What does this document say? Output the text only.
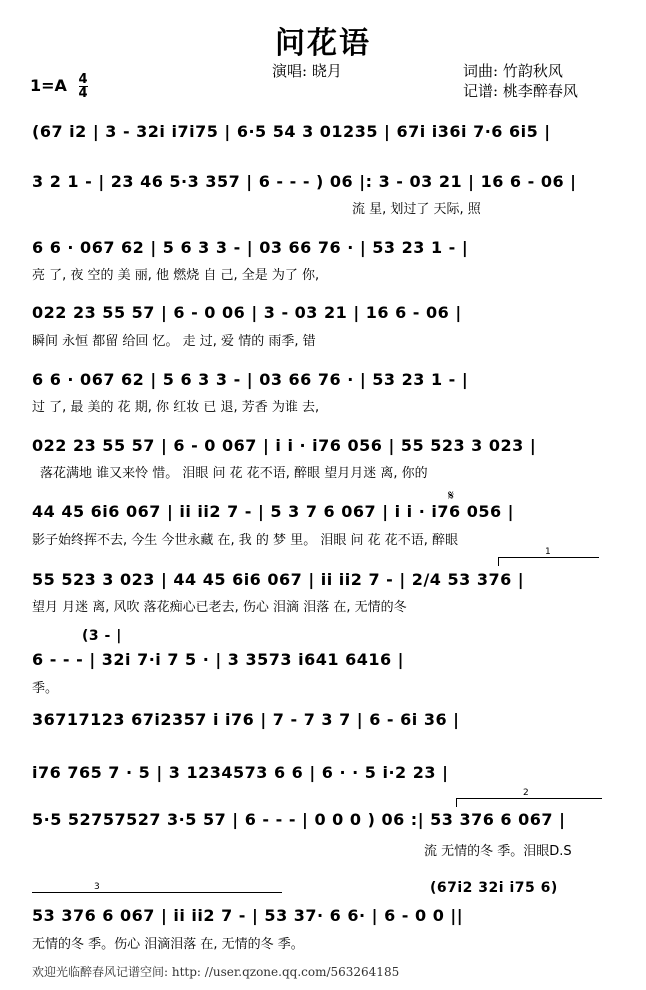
问花语
演唱: 晓月	词曲: 竹韵秋风
记谱: 桃李醉春风
$1=A \frac{4}{4}$
(67 i2 | 3 - 32i i7i75 | 6·5 54 3 01235 | 67i i36i 7·6 6i5 |
3 2 1 - | 23 46 5·3 357 | 6 - - - ) 06 |: 3 - 03 21 | 16 6 - 06 |
流 星, 划过了 天际, 照
6 6 · 067 62 | 5 6 3 3 - | 03 66 76 · | 53 23 1 - |
亮 了, 夜 空的 美 丽, 他 燃烧 自 己, 全是 为了 你,
022 23 55 57 | 6 - 0 06 | 3 - 03 21 | 16 6 - 06 |
瞬间 永恒 都留 给回 忆。 走 过, 爱 情的 雨季, 错
6 6 · 067 62 | 5 6 3 3 - | 03 66 76 · | 53 23 1 - |
过 了, 最 美的 花 期, 你 红妆 已 退, 芳香 为谁 去,
022 23 55 57 | 6 - 0 067 | i i · i76 056 | 55 523 3 023 |
落花满地 谁又来怜 惜。 泪眼 问 花 花不语, 醉眼 望月月迷 离, 你的
𝄋
44 45 6i6 067 | ii ii2 7 - | 5 3 7 6 067 | i i · i76 056 |
影子始终挥不去, 今生 今世永藏 在, 我 的 梦 里。 泪眼 问 花 花不语, 醉眼
1
55 523 3 023 | 44 45 6i6 067 | ii ii2 7 - | 2/4 53 376 |
望月 月迷 离, 风吹 落花痴心已老去, 伤心 泪滴 泪落 在, 无情的冬
(3 - |
6 - - - | 32i 7·i 7 5 · | 3 3573 i641 6416 |
季。
36717123 67i2357 i i76 | 7 - 7 3 7 | 6 - 6i 36 |
i76 765 7 · 5 | 3 1234573 6 6 | 6 · · 5 i·2 23 |
2
5·5 52757527 3·5 57 | 6 - - - | 0 0 0 ) 06 :| 53 376 6 067 |
流 无情的冬 季。泪眼D.S
3	(67i2 32i i75 6)
53 376 6 067 | ii ii2 7 - | 53 37· 6 6· | 6 - 0 0 ||
无情的冬 季。伤心 泪滴泪落 在, 无情的冬 季。
欢迎光临醉春风记谱空间: http: //user.qzone.qq.com/563264185
